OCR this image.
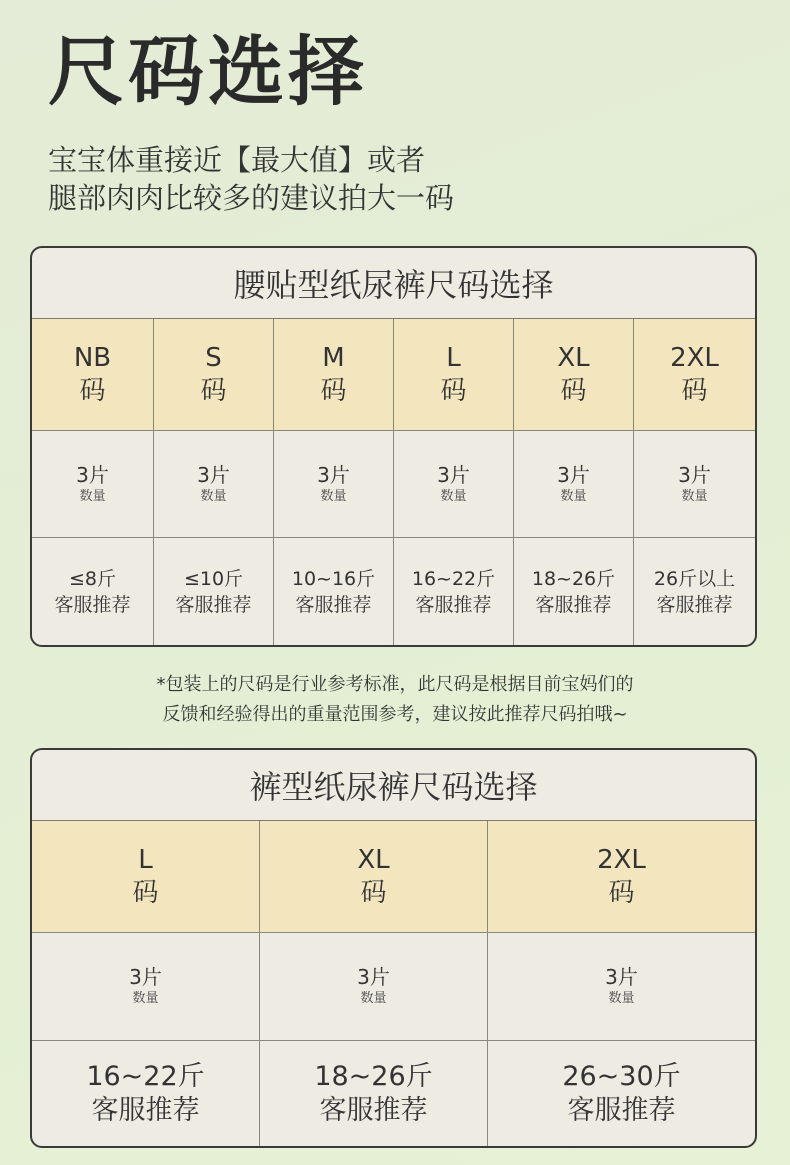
尺码选择
宝宝体重接近【最大值】或者
腿部肉肉比较多的建议拍大一码
腰贴型纸尿裤尺码选择
NB
码
S
码
M
码
L
码
XL
码
2XL
码
3片
数量
3片
数量
3片
数量
3片
数量
3片
数量
3片
数量
≤8斤
客服推荐
≤10斤
客服推荐
10~16斤
客服推荐
16~22斤
客服推荐
18~26斤
客服推荐
26斤以上
客服推荐
*包装上的尺码是行业参考标准，此尺码是根据目前宝妈们的
反馈和经验得出的重量范围参考，建议按此推荐尺码拍哦~
裤型纸尿裤尺码选择
L
码
XL
码
2XL
码
3片
数量
3片
数量
3片
数量
16~22斤
客服推荐
18~26斤
客服推荐
26~30斤
客服推荐
